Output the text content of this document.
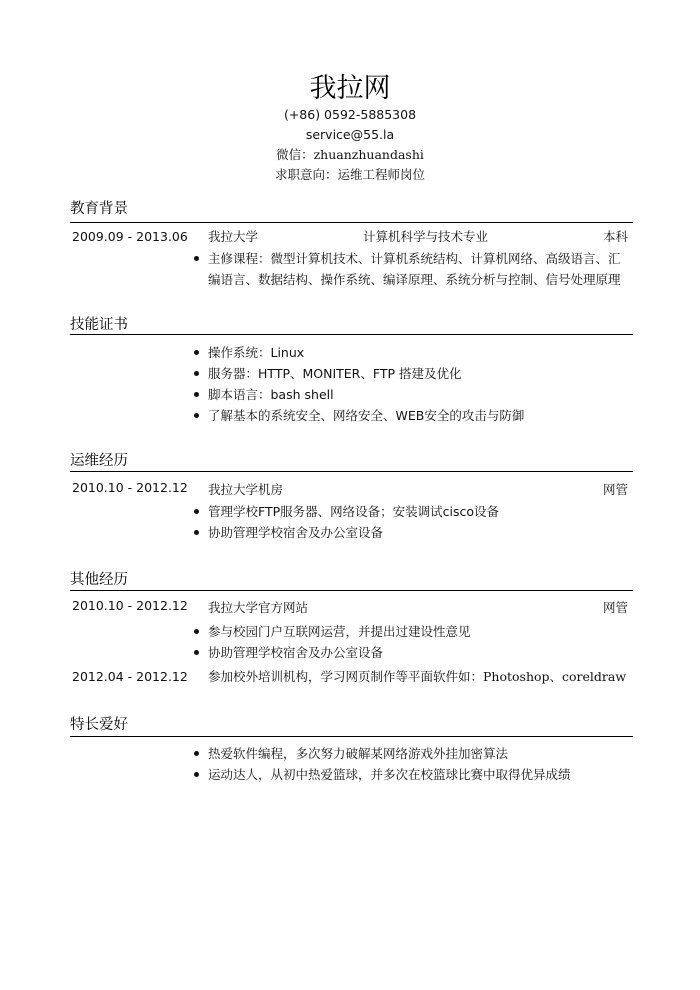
我拉网
(+86) 0592-5885308
service@55.la
微信：zhuanzhuandashi
求职意向：运维工程师岗位
教育背景
2009.09 - 2013.06 我拉大学	计算机科学与技术专业	本科
主修课程：微型计算机技术、计算机系统结构、计算机网络、高级语言、汇编语言、数据结构、操作系统、编译原理、系统分析与控制、信号处理原理
技能证书
操作系统：Linux
服务器：HTTP、MONITER、FTP 搭建及优化
脚本语言：bash shell
了解基本的系统安全、网络安全、WEB安全的攻击与防御
运维经历
2010.10 - 2012.12 我拉大学机房	网管
管理学校FTP服务器、网络设备；安装调试cisco设备
协助管理学校宿舍及办公室设备
其他经历
2010.10 - 2012.12 我拉大学官方网站	网管
参与校园门户互联网运营，并提出过建设性意见
协助管理学校宿舍及办公室设备
2012.04 - 2012.12 参加校外培训机构，学习网页制作等平面软件如：Photoshop、coreldraw
特长爱好
热爱软件编程，多次努力破解某网络游戏外挂加密算法
运动达人，从初中热爱篮球，并多次在校篮球比赛中取得优异成绩
